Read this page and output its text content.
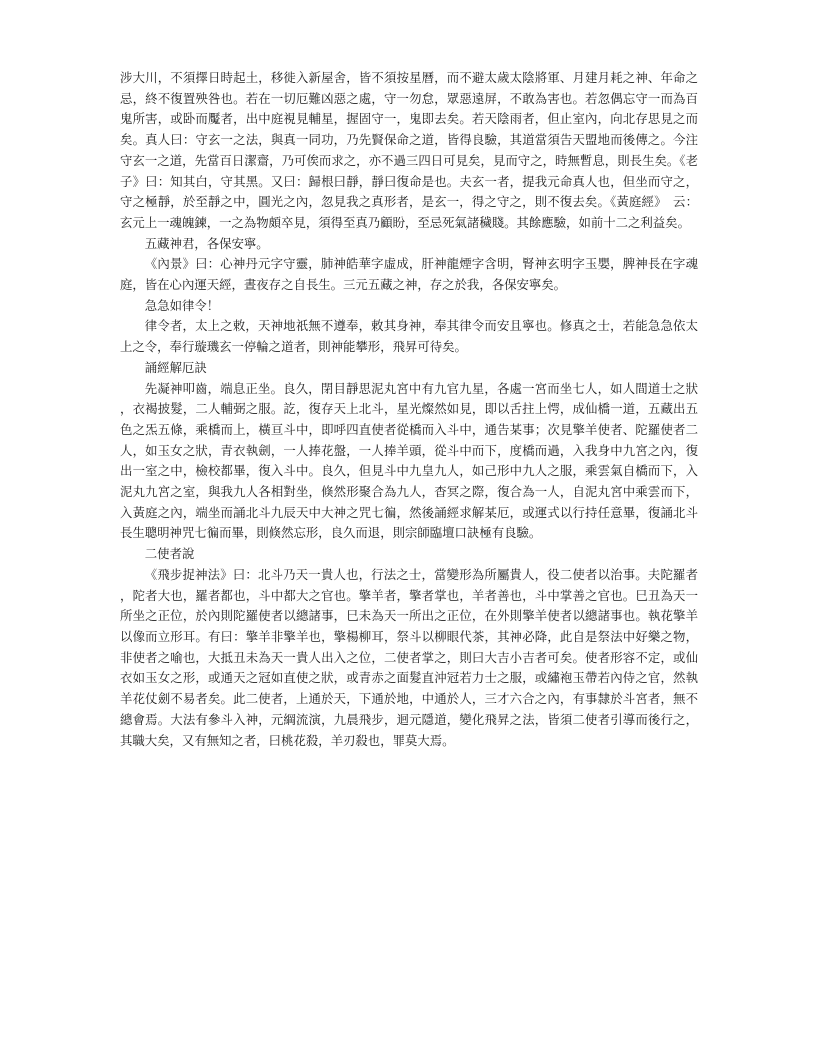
涉大川，不須擇日時起土，移徙入新屋舍，皆不須按星曆，而不避太歲太陰將軍、月建月耗之神、年命之忌，終不復置殃咎也。若在一切厄難凶惡之處，守一勿怠，眾惡遠屏，不敢為害也。若忽偶忘守一而為百鬼所害，或卧而魘者，出中庭視見輔星，握固守一，鬼即去矣。若天陰雨者，但止室內，向北存思見之而矣。真人曰：守玄一之法，與真一同功，乃先賢保命之道，皆得良驗，其道當須告天盟地而後傳之。今注守玄一之道，先當百日潔齋，乃可俟而求之，亦不過三四日可見矣，見而守之，時無暫息，則長生矣。《老子》曰：知其白，守其黑。又曰：歸根曰靜，靜曰復命是也。夫玄一者，提我元命真人也，但坐而守之，守之極靜，於至靜之中，圓光之內，忽見我之真形者，是玄一，得之守之，則不復去矣。《黃庭經》　云：玄元上一魂魄鍊，一之為物頗卒見，須得至真乃顧盼，至忌死氣諸穢賤。其餘應驗，如前十二之利益矣。

五藏神君，各保安寧。

《內景》曰：心神丹元字守靈，肺神皓華字虛成，肝神龍煙字含明，腎神玄明字玉嬰，脾神長在字魂庭，皆在心內運天經，晝夜存之自長生。三元五藏之神，存之於我，各保安寧矣。

急急如律令！

律令者，太上之敕，天神地祇無不遵奉，敕其身神，奉其律令而安且寧也。修真之士，若能急急依太上之令，奉行璇璣玄一停輪之道者，則神能攀形，飛昇可待矣。

誦經解厄訣

先凝神叩齒，端息正坐。良久，閉目靜思泥丸宮中有九官九星，各處一宮而坐七人，如人間道士之狀，衣褐披髮，二人輔弼之服。訖，復存天上北斗，星光燦然如見，即以舌拄上愕，成仙橋一道，五藏出五色之炁五條，乘橋而上，橫亘斗中，即呼四直使者從橋而入斗中，通告某事；次見擎羊使者、陀羅使者二人，如玉女之狀，青衣執劍，一人捧花盤，一人捧羊頭，從斗中而下，度橋而過，入我身中九宮之內，復出一室之中，檢校都畢，復入斗中。良久，但見斗中九皇九人，如己形中九人之服，乘雲氣自橋而下，入泥丸九宮之室，與我九人各相對坐，倏然形聚合為九人，杳冥之際，復合為一人，自泥丸宮中乘雲而下，入黃庭之內，端坐而誦北斗九辰天中大神之咒七徧，然後誦經求解某厄，或運式以行持任意畢，復誦北斗長生聰明神咒七徧而畢，則倏然忘形，良久而退，則宗師臨壇口訣極有良驗。

二使者說

《飛步捉神法》曰：北斗乃天一貴人也，行法之士，當變形為所屬貴人，役二使者以治事。夫陀羅者，陀者大也，羅者都也，斗中都大之官也。擎羊者，擎者掌也，羊者善也，斗中掌善之官也。巳丑為天一所坐之正位，於內則陀羅使者以總諸事，巳未為天一所出之正位，在外則擎羊使者以總諸事也。執花擎羊以像而立形耳。有曰：擎羊非擎羊也，擎楊柳耳，祭斗以柳眼代茶，其神必降，此自是祭法中好樂之物，非使者之喻也，大抵丑未為天一貴人出入之位，二使者掌之，則曰大吉小吉者可矣。使者形容不定，或仙衣如玉女之形，或通天之冠如直使之狀，或青赤之面髮直沖冠若力士之服，或繡袍玉帶若內侍之官，然執羊花仗劍不易者矣。此二使者，上通於天，下通於地，中通於人，三才六合之內，有事隸於斗宮者，無不總會焉。大法有參斗入神，元綱流演，九晨飛步，迴元隱道，變化飛昇之法，皆須二使者引導而後行之，其職大矣，又有無知之者，曰桃花殺，羊刃殺也，罪莫大焉。
